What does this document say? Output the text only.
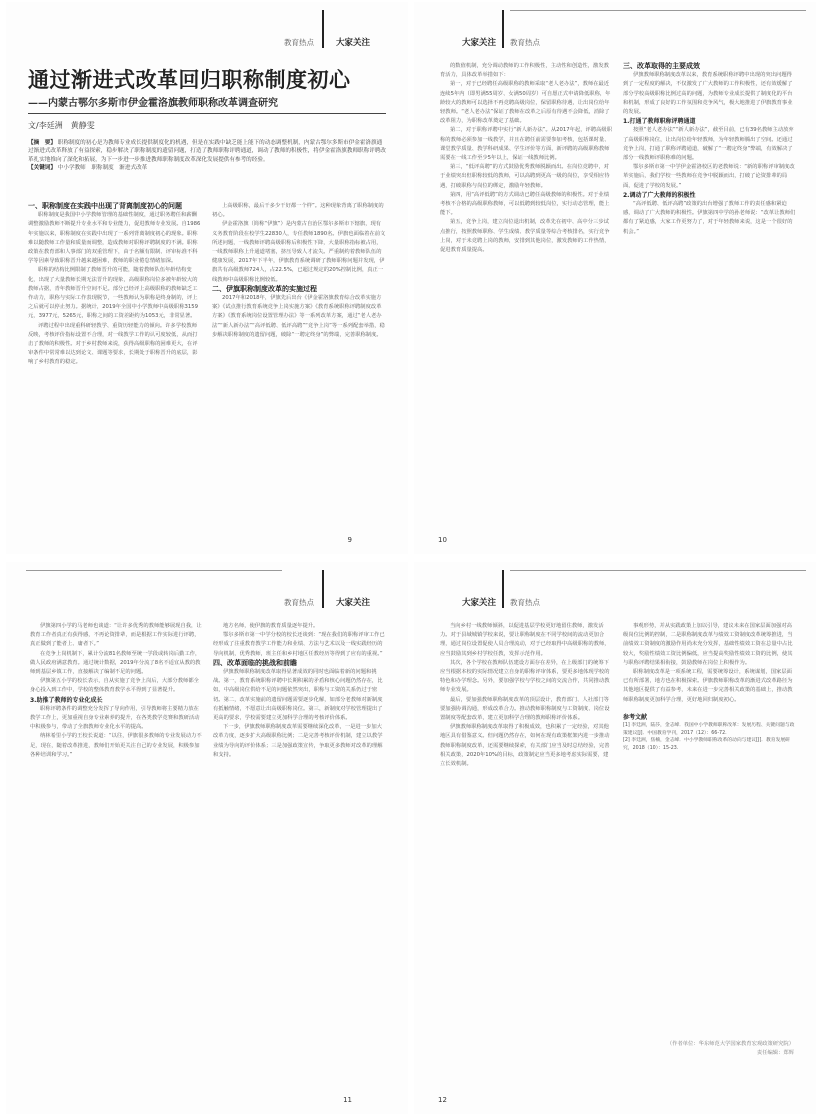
教育热点	大家关注
通过渐进式改革回归职称制度初心
——内蒙古鄂尔多斯市伊金霍洛旗教师职称改革调查研究
文/李廷洲　黄静雯
【摘　要】 职称制度的初心是为教师专业成长提供制度化的机遇，但是在实践中缺乏能上能下的动态调整机制，内蒙古鄂尔多斯市伊金霍洛旗通过渐进式改革释放了有益探索，稳步解决了职称制度的遗留问题，打造了教师职称评聘通道，调动了教师的积极性，将伊金霍洛旗教师职称评聘改革扎实地推向了深化和拓展，为下一步进一步推进教师职称制度改革深化发展提供有参考的经验。
【关键词】 中小学教师　职称制度　渐进式改革

一、职称制度在实践中出现了背离制度初心的问题

职称制度是我国中小学教师管理的基础性制度，通过职务聘任和薪酬调整激励教师不断提升专业水平和专业能力，促进教师专业发展。自1986年实施以来，职称制度在实践中出现了一系列背离制度初心的现象。职称难以随教师工作量和质量而调整，造成教师对职称评聘制度的不满。职称政策在教育部和人事部门的双重管理下，由于名额有限制、评审标准不科学等因素导致职称晋升越来越困难，教师的职业倦怠情绪加深。

职称的结构比例限制了教师晋升的可能，随着教师队伍年龄结构变化，出现了大量教师长期无法晋升的现象，高级职称岗位多被年龄较大的教师占据，青年教师晋升空间不足。部分已经评上高级职称的教师缺乏工作动力，职称与实际工作表现脱节，一些教师认为职称是终身制的，评上之后就可以停止努力。据统计，2019年全国中小学教师中高级职称3159元，3977元，5265元，职称之间的工资差距约为1053元，非常显著。

评聘过程中出现重科研轻教学、重资历轻能力的倾向。许多学校教师反映，考核评价指标设置不合理，对一线教学工作的认可度较低，从而打击了教师的积极性。对于乡村教师来说，获得高级职称的困难更大，在评审条件中常常难以达到论文、课题等要求，长期处于职称晋升的底层，影响了乡村教育的稳定。

上高级职称，最后干多少干好都一个样”。这种现象背离了职称制度的初心。

伊金霍洛旗（简称“伊旗”）是内蒙古自治区鄂尔多斯市下辖旗，现有义务教育阶段在校学生22830人，专任教师1890名。伊旗也面临着在前文所述问题，一线教师评聘高级职称后积极性下降，大量职称指标被占用，一线教师职称上升通道堵塞，挤压导致人才流失。严重制约着教师队伍的健康发展，2017年下半年，伊旗教育系统调研了教师职称问题并发现，伊旗共有高级教师724人，占22.5%，已超过规定的20%控制比例，真正一线教师中高级职称比例较低。

二、伊旗职称制度改革的实施过程

2017年和2018年，伊旗先后出台《伊金霍洛旗教育综合改革实施方案》《试点推行教育系统竞争上岗实施方案》《教育系统职称评聘制度改革方案》《教育系统岗位设置管理办法》等一系列改革方案，通过“老人老办法”“新人新办法”“高评低聘、低评高聘”“竞争上岗”等一系列配套举措，稳步解决职称制度的遗留问题，破除“一聘定终身”的弊端，完善职称制度。

9
大家关注 教育热点

的数值机制，充分调动教师的工作积极性，主动性和创造性，激发教育活力，具体改革举措如下：

第一，对于已经聘任高级职称的教师采取“老人老办法”，教师在最近连续5年内（即男满55周岁、女满50周岁）可自愿正式申请降低职称，年龄较大的教师可以选择不再竞聘高级岗位，保留职称待遇，让出岗位给年轻教师。“老人老办法”保证了教师在改革之后原有待遇不会降低，消除了改革阻力，为职称改革奠定了基础。

第二，对于职称评聘中实行“新人新办法”。从2017年起，评聘高级职称的教师必须参加一线教学，并且在聘任前需要参加考核，包括课时量、课堂教学质量、教学科研成果、学生评价等方面，新评聘的高级职称教师需要在一线工作至少5年以上，保证一线教师比例。

第三，“低评高聘”的方式鼓励优秀教师脱颖而出。在岗位竞聘中，对于业绩突出但职称较低的教师，可以高聘到更高一级的岗位，享受相应待遇，打破职称与岗位的绑定，激励年轻教师。

第四，用“高评低聘”的方式调动已聘任高级教师的积极性。对于业绩考核不合格的高级职称教师，可以低聘到较低岗位，实行动态管理，能上能下。

第五，竞争上岗，建立岗位退出机制，改革先在初中、高中分三步试点推行，按照教师职称、学生成绩、教学质量等综合考核排名，实行竞争上岗，对于未竞聘上岗的教师，安排到其他岗位，激发教师的工作热情，促进教育质量提高。

三、改革取得的主要成效

伊旗教师职称制度改革以来，教育系统职称评聘中出现的突出问题得到了一定程度的解决，不仅激发了广大教师的工作积极性，还有效缓解了部分学校高级职称比例过高的问题，为教师专业成长提供了制度化的平台和机制，形成了良好的工作氛围和竞争风气，极大地推进了伊旗教育事业的发展。

1.打通了教师职称评聘通道

按照“老人老办法”“新人新办法”，截至目前，已有39名教师主动放弃了高级职称岗位，让出岗位给年轻教师，为年轻教师腾出了空间。还通过竞争上岗，打通了职称评聘通道，破解了“一聘定终身”弊端，有效解决了部分一线教师评职称难的问题。

鄂尔多斯市第一中学伊金霍洛校区的老教师说：“新的职称评审制度改革实施后，我们学校一些教师在竞争中脱颖而出，打破了论资排辈的局面，促进了学校的发展。”

2.调动了广大教师的积极性

“高评低聘、低评高聘”政策的出台增强了教师工作的责任感和紧迫感，调动了广大教师的积极性。伊旗第四中学的孙老师说：“改革让教师们都有了紧迫感，大家工作更努力了，对于年轻教师来说，这是一个很好的机会。”

10
教育热点	大家关注

伊旗第四小学的马老师也谈道：“让许多优秀的教师能够展现自我，让教育工作者真正有获得感，不再论资排辈，而是根据工作实际进行评聘，真正做到了能者上、庸者下。”

在竞争上岗机制下，累计分流81名教师至统一学段或转岗后勤工作，做人民政府满意教育。通过统计数据，2019年分流了8名不适宜从教的教师到基层乡镇工作，直接解决了编制不足的问题。

伊旗第五小学的校长表示，自从实施了竞争上岗后，大部分教师都全身心投入到工作中，学校的整体教育教学水平得到了显著提升。

3.助推了教师的专业化成长

职称评聘条件的调整充分发挥了导向作用，引导教师将主要精力放在教学工作上，更加重视自身专业素养的提升，在各类教学竞赛和教研活动中积极参与，带动了全旗教师专业化水平的提高。

纳林希里小学的王校长说道：“以往，伊旗很多教师的专业发展动力不足，现在，随着改革推进，教师们开始更关注自己的专业发展，积极参加各种培训和学习。”

地方名师，使伊旗的教育质量逐年提升。

鄂尔多斯市第一中学分校的校长还谈到：“现在我们的职称评审工作已经形成了注重教育教学工作能力和业绩、方法与艺术以及一线实践经历的导向机制，优秀教师，班主任和乡村地区任教经历等得到了应有的重视。”

四、改革面临的挑战和前瞻

伊旗教师职称制度改革取得显著成效的同时也面临着新的问题和挑战。第一，教育系统职称评聘中长期积累的矛盾和核心问题仍然存在，比如，中高级岗位供给不足的问题依然突出，职称与工资的关系仍过于密切。第二，改革实施前的遗留问题需要逐步化解，如部分老教师对新制度有抵触情绪，不愿意让出高级职称岗位。第三，新制度对学校管理提出了更高的要求，学校需要建立更加科学合理的考核评价体系。

下一步，伊旗教师职称制度改革需要继续深化改革，一是进一步加大改革力度，逐步扩大高级职称比例；二是完善考核评价机制，建立以教学业绩为导向的评价体系；三是加强政策宣传，争取更多教师对改革的理解和支持。

11
大家关注 教育热点

当向乡村一线教师倾斜，以促进基层学校更好地留住教师，激发活力。对于县域城镇学校来说，要让职称制度在不同学校间的流动更加合理，通过岗位设置促使人员合理流动，对于已经取得中高级职称的教师，应当鼓励其到乡村学校任教，发挥示范作用。

其次，各个学校在教师队伍建设方面存在差异，在上级部门的统筹下应当根据本校的实际情况建立自身的职称评审体系，要更多地体现学校的特色和办学理念。另外，要加强学校与学校之间的交流合作，共同推动教师专业发展。

最后，要加强教师职称制度改革的顶层设计，教育部门、人社部门等要加强协调沟通，形成改革合力。推动教师职称制度与工资制度、岗位设置制度等配套改革，建立更加科学合理的教师职称评价体系。

伊旗教师职称制度改革取得了积极成效，也积累了一定经验，对其他地区具有借鉴意义。但问题仍然存在，如何在现有政策框架内进一步推动教师职称制度改革，还需要继续探索，有关部门应当及时总结经验，完善相关政策，2020年10%的目标，政策制定应当更多地考虑实际需要，建立长效机制。

事观形势，并从实践政策上加以引导，建议未来在国家层面加强对高级岗位比例的控制，二是职称制度改革与绩效工资制度改革统筹推进，当前绩效工资制度的激励作用尚未充分发挥，基础性绩效工资在总量中占比较大，奖励性绩效工资比例偏低，应当提高奖励性绩效工资的比例，使其与职称评聘结果相衔接，鼓励教师在岗位上积极作为。

职称制度改革是一项系统工程，需要统筹设计，系统谋划，国家层面已有所部署，地方也在积极探索。伊旗教师职称改革的渐进式改革路径为其他地区提供了有益参考，未来在进一步完善相关政策的基础上，推动教师职称制度更加科学合理，更好地回归制度初心。

参考文献

[1] 李廷洲，陆莎，金志峰．我国中小学教师职称改革：发展历程、关键问题与政策建议[J]．中国教育学刊，2017（12）：66-72.
[2] 李廷洲，焦楠，金志峰．中小学教师职称改革的动向与建议[J]．教育发展研究，2018（10）：15-23.
（作者单位：华东师范大学国家教育宏观政策研究院）
责任编辑：郑辉
12
